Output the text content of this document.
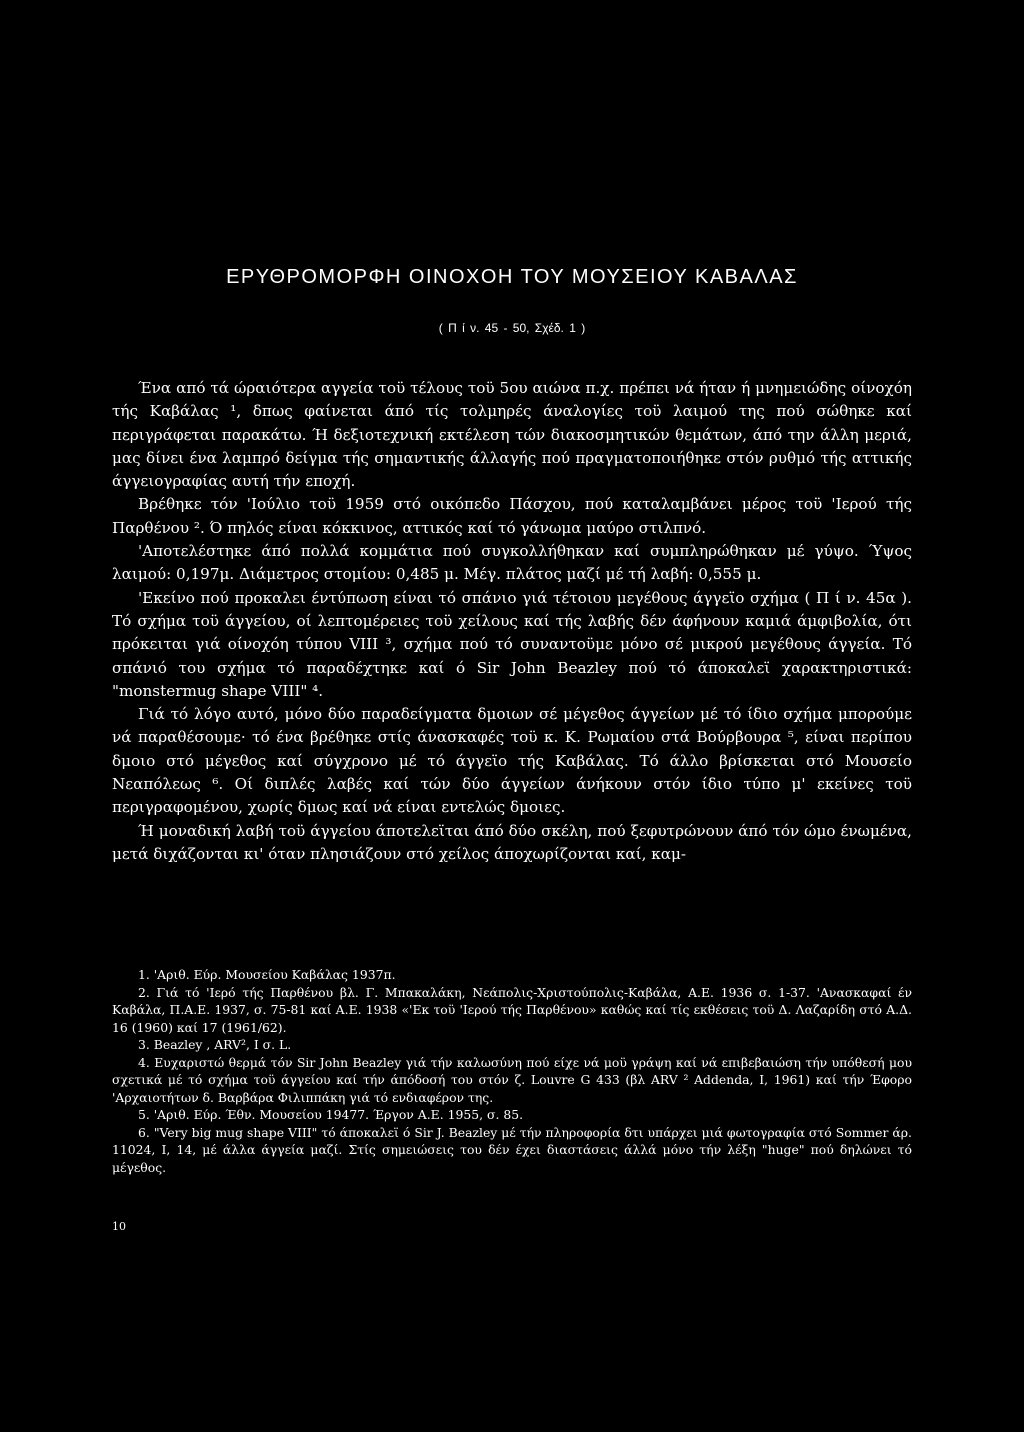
ΕΡΥΘΡΟΜΟΡΦΗ ΟΙΝΟΧΟΗ ΤΟΥ ΜΟΥΣΕΙΟΥ ΚΑΒΑΛΑΣ
( Π ί ν. 45 - 50, Σχέδ. 1 )

Ένα από τά ώραιότερα αγγεία τοϋ τέλους τοϋ 5ου αιώνα π.χ. πρέπει νά ήταν ή μνημειώδης οίνοχόη τής Καβάλας ¹, δπως φαίνεται άπό τίς τολμηρές άναλογίες τοϋ λαιμού της πού σώθηκε καί περιγράφεται παρακάτω. Ή δεξιοτεχνική εκτέλεση τών διακοσμητικών θεμάτων, άπό την άλλη μεριά, μας δίνει ένα λαμπρό δείγμα τής σημαντικής άλλαγής πού πραγματοποιήθηκε στόν ρυθμό τής αττικής άγγειογραφίας αυτή τήν εποχή.

Βρέθηκε τόν 'Ιούλιο τοϋ 1959 στό οικόπεδο Πάσχου, πού καταλαμβάνει μέρος τοϋ 'Ιερού τής Παρθένου ². Ό πηλός είναι κόκκινος, αττικός καί τό γάνωμα μαύρο στιλπνό.

'Αποτελέστηκε άπό πολλά κομμάτια πού συγκολλήθηκαν καί συμπληρώθηκαν μέ γύψο. Ύψος λαιμού: 0,197μ. Διάμετρος στομίου: 0,485 μ. Μέγ. πλάτος μαζί μέ τή λαβή: 0,555 μ.

'Εκείνο πού προκαλει έντύπωση είναι τό σπάνιο γιά τέτοιου μεγέθους άγγεϊο σχήμα ( Π ί ν. 45α ). Τό σχήμα τοϋ άγγείου, οί λεπτομέρειες τοϋ χείλους καί τής λαβής δέν άφήνουν καμιά άμφιβολία, ότι πρόκειται γιά οίνοχόη τύπου VIII ³, σχήμα πού τό συναντοϋμε μόνο σέ μικρού μεγέθους άγγεία. Τό σπάνιό του σχήμα τό παραδέχτηκε καί ό Sir John Beazley πού τό άποκαλεϊ χαρακτηριστικά: "monstermug shape VIII" ⁴.

Γιά τό λόγο αυτό, μόνο δύο παραδείγματα δμοιων σέ μέγεθος άγγείων μέ τό ίδιο σχήμα μπορούμε νά παραθέσουμε· τό ένα βρέθηκε στίς άνασκαφές τοϋ κ. Κ. Ρωμαίου στά Βούρβουρα ⁵, είναι περίπου δμοιο στό μέγεθος καί σύγχρονο μέ τό άγγεϊο τής Καβάλας. Τό άλλο βρίσκεται στό Μουσείο Νεαπόλεως ⁶. Οί διπλές λαβές καί τών δύο άγγείων άνήκουν στόν ίδιο τύπο μ' εκείνες τοϋ περιγραφομένου, χωρίς δμως καί νά είναι εντελώς δμοιες.

Ή μοναδική λαβή τοϋ άγγείου άποτελεϊται άπό δύο σκέλη, πού ξεφυτρώνουν άπό τόν ώμο ένωμένα, μετά διχάζονται κι' όταν πλησιάζουν στό χείλος άποχωρίζονται καί, καμ-

1. 'Αριθ. Εύρ. Μουσείου Καβάλας 1937π.

2. Γιά τό 'Ιερό τής Παρθένου βλ. Γ. Μπακαλάκη, Νεάπολις-Χριστούπολις-Καβάλα, Α.Ε. 1936 σ. 1-37. 'Ανασκαφαί έν Καβάλα, Π.Α.Ε. 1937, σ. 75-81 καί Α.Ε. 1938 «'Εκ τοϋ 'Ιερού τής Παρθένου» καθώς καί τίς εκθέσεις τοϋ Δ. Λαζαρίδη στό Α.Δ. 16 (1960) καί 17 (1961/62).

3. Beazley , ARV², I σ. L.

4. Ευχαριστώ θερμά τόν Sir John Beazley γιά τήν καλωσύνη πού είχε νά μοϋ γράψη καί νά επιβεβαιώση τήν υπόθεσή μου σχετικά μέ τό σχήμα τοϋ άγγείου καί τήν άπόδοσή του στόν ζ. Louvre G 433 (βλ ARV ² Addenda, I, 1961) καί τήν Έφορο 'Αρχαιοτήτων δ. Βαρβάρα Φιλιππάκη γιά τό ενδιαφέρον της.

5. 'Αριθ. Εύρ. Έθν. Μουσείου 19477. Έργον Α.Ε. 1955, σ. 85.

6. "Very big mug shape VIII" τό άποκαλεϊ ό Sir J. Beazley μέ τήν πληροφορία δτι υπάρχει μιά φωτογραφία στό Sommer άρ. 11024, I, 14, μέ άλλα άγγεία μαζί. Στίς σημειώσεις του δέν έχει διαστάσεις άλλά μόνο τήν λέξη "huge" πού δηλώνει τό μέγεθος.

10
